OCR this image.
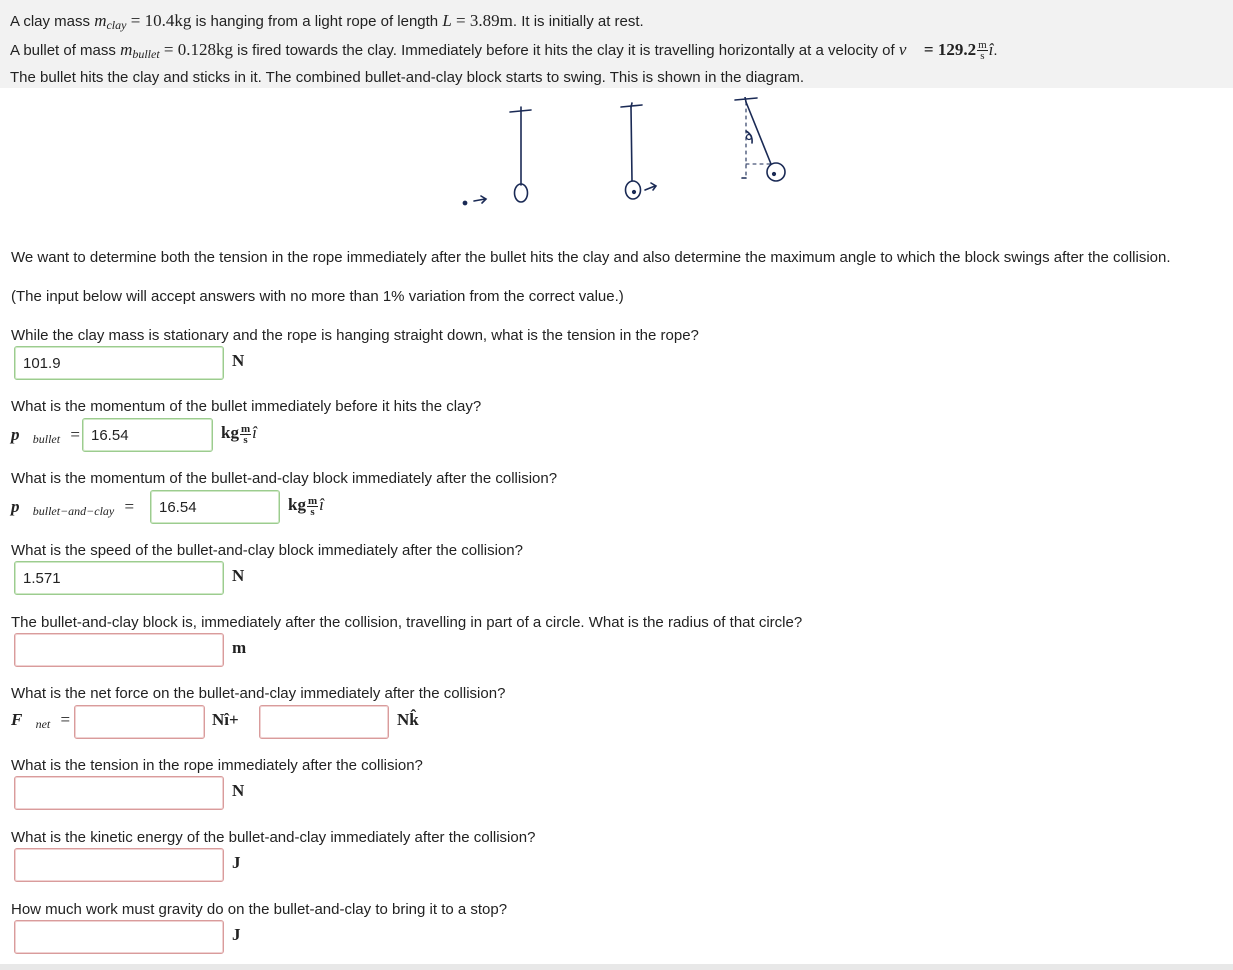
A clay mass $m_{clay} = 10.4kg$ is hanging from a light rope of length L = 3.89m. It is initially at rest.
A bullet of mass $m_{bullet} = 0.128kg$ is fired towards the clay. Immediately before it hits the clay it is travelling horizontally at a velocity of v⃗ = $129.2 \frac{m}{s}$ î.
The bullet hits the clay and sticks in it. The combined bullet-and-clay block starts to swing. This is shown in the diagram.
We want to determine both the tension in the rope immediately after the bullet hits the clay and also determine the maximum angle to which the block swings after the collision.
(The input below will accept answers with no more than 1% variation from the correct value.)
While the clay mass is stationary and the rope is hanging straight down, what is the tension in the rope?
101.9
N
What is the momentum of the bullet immediately before it hits the clay?
p⃗bullet =
16.54	kg $\frac{m}{s}$ î
What is the momentum of the bullet-and-clay block immediately after the collision?
p⃗bullet−and−clay =
16.54	kg $\frac{m}{s}$ î
What is the speed of the bullet-and-clay block immediately after the collision?
1.571
N
The bullet-and-clay block is, immediately after the collision, travelling in part of a circle. What is the radius of that circle?
m
What is the net force on the bullet-and-clay immediately after the collision?
F⃗net =	Nî+	Nk̂
What is the tension in the rope immediately after the collision?
N
What is the kinetic energy of the bullet-and-clay immediately after the collision?
J
How much work must gravity do on the bullet-and-clay to bring it to a stop?
J
